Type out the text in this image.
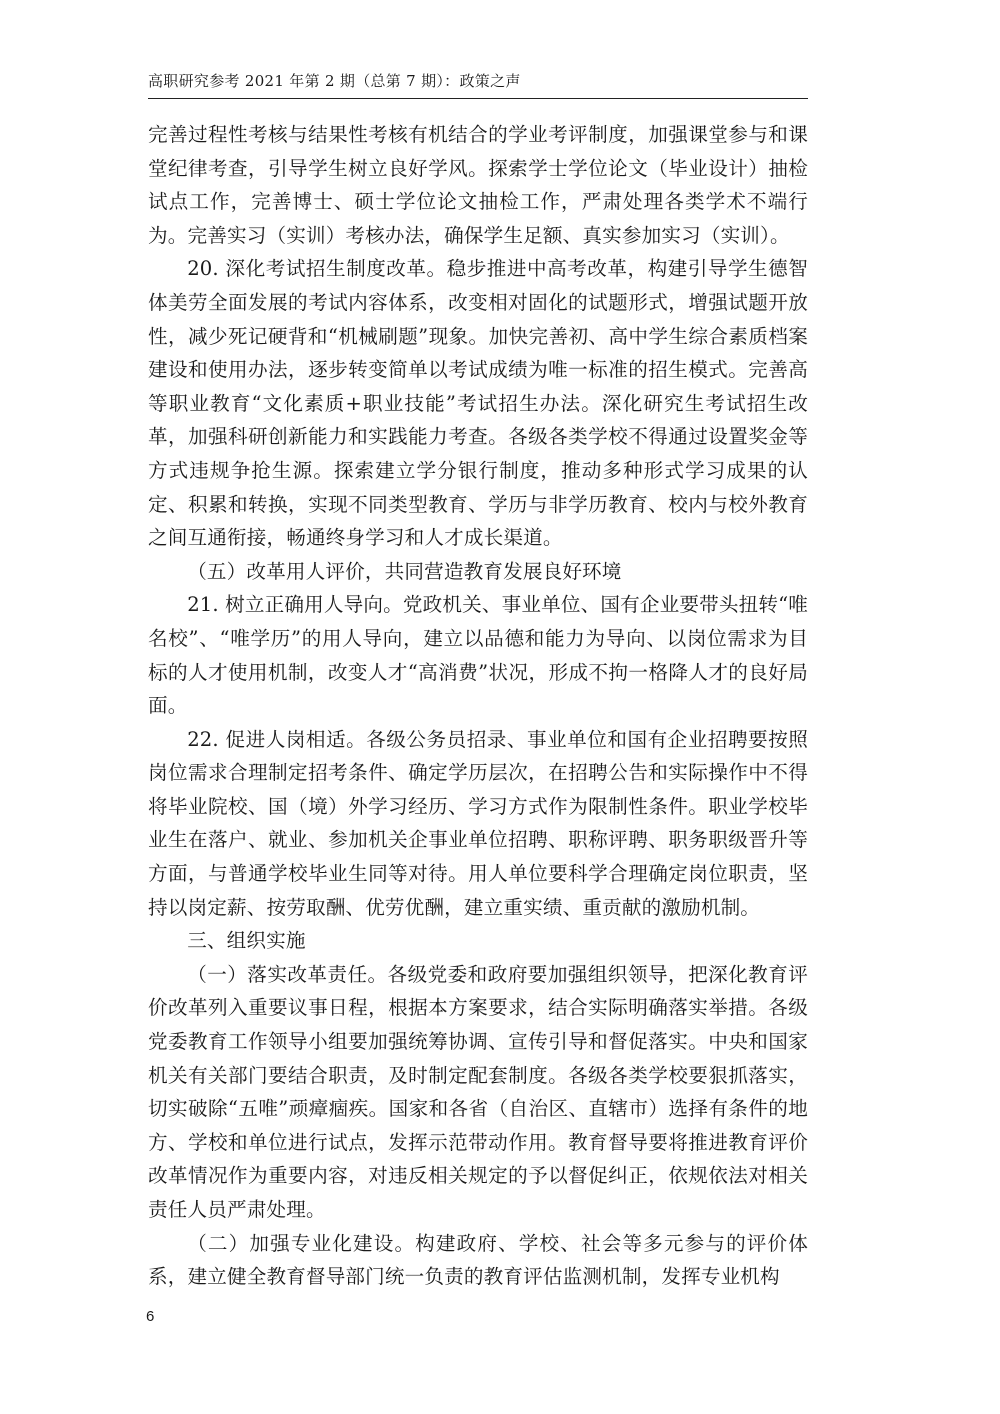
高职研究参考 2021 年第 2 期（总第 7 期）：政策之声

完善过程性考核与结果性考核有机结合的学业考评制度，加强课堂参与和课堂纪律考查，引导学生树立良好学风。探索学士学位论文（毕业设计）抽检试点工作，完善博士、硕士学位论文抽检工作，严肃处理各类学术不端行为。完善实习（实训）考核办法，确保学生足额、真实参加实习（实训）。

20. 深化考试招生制度改革。稳步推进中高考改革，构建引导学生德智体美劳全面发展的考试内容体系，改变相对固化的试题形式，增强试题开放性，减少死记硬背和“机械刷题”现象。加快完善初、高中学生综合素质档案建设和使用办法，逐步转变简单以考试成绩为唯一标准的招生模式。完善高等职业教育“文化素质+职业技能”考试招生办法。深化研究生考试招生改革，加强科研创新能力和实践能力考查。各级各类学校不得通过设置奖金等方式违规争抢生源。探索建立学分银行制度，推动多种形式学习成果的认定、积累和转换，实现不同类型教育、学历与非学历教育、校内与校外教育之间互通衔接，畅通终身学习和人才成长渠道。

（五）改革用人评价，共同营造教育发展良好环境

21. 树立正确用人导向。党政机关、事业单位、国有企业要带头扭转“唯名校”、“唯学历”的用人导向，建立以品德和能力为导向、以岗位需求为目标的人才使用机制，改变人才“高消费”状况，形成不拘一格降人才的良好局面。

22. 促进人岗相适。各级公务员招录、事业单位和国有企业招聘要按照岗位需求合理制定招考条件、确定学历层次，在招聘公告和实际操作中不得将毕业院校、国（境）外学习经历、学习方式作为限制性条件。职业学校毕业生在落户、就业、参加机关企事业单位招聘、职称评聘、职务职级晋升等方面，与普通学校毕业生同等对待。用人单位要科学合理确定岗位职责，坚持以岗定薪、按劳取酬、优劳优酬，建立重实绩、重贡献的激励机制。

三、组织实施

（一）落实改革责任。各级党委和政府要加强组织领导，把深化教育评价改革列入重要议事日程，根据本方案要求，结合实际明确落实举措。各级党委教育工作领导小组要加强统筹协调、宣传引导和督促落实。中央和国家机关有关部门要结合职责，及时制定配套制度。各级各类学校要狠抓落实，切实破除“五唯”顽瘴痼疾。国家和各省（自治区、直辖市）选择有条件的地方、学校和单位进行试点，发挥示范带动作用。教育督导要将推进教育评价改革情况作为重要内容，对违反相关规定的予以督促纠正，依规依法对相关责任人员严肃处理。

（二）加强专业化建设。构建政府、学校、社会等多元参与的评价体系，建立健全教育督导部门统一负责的教育评估监测机制，发挥专业机构

6
